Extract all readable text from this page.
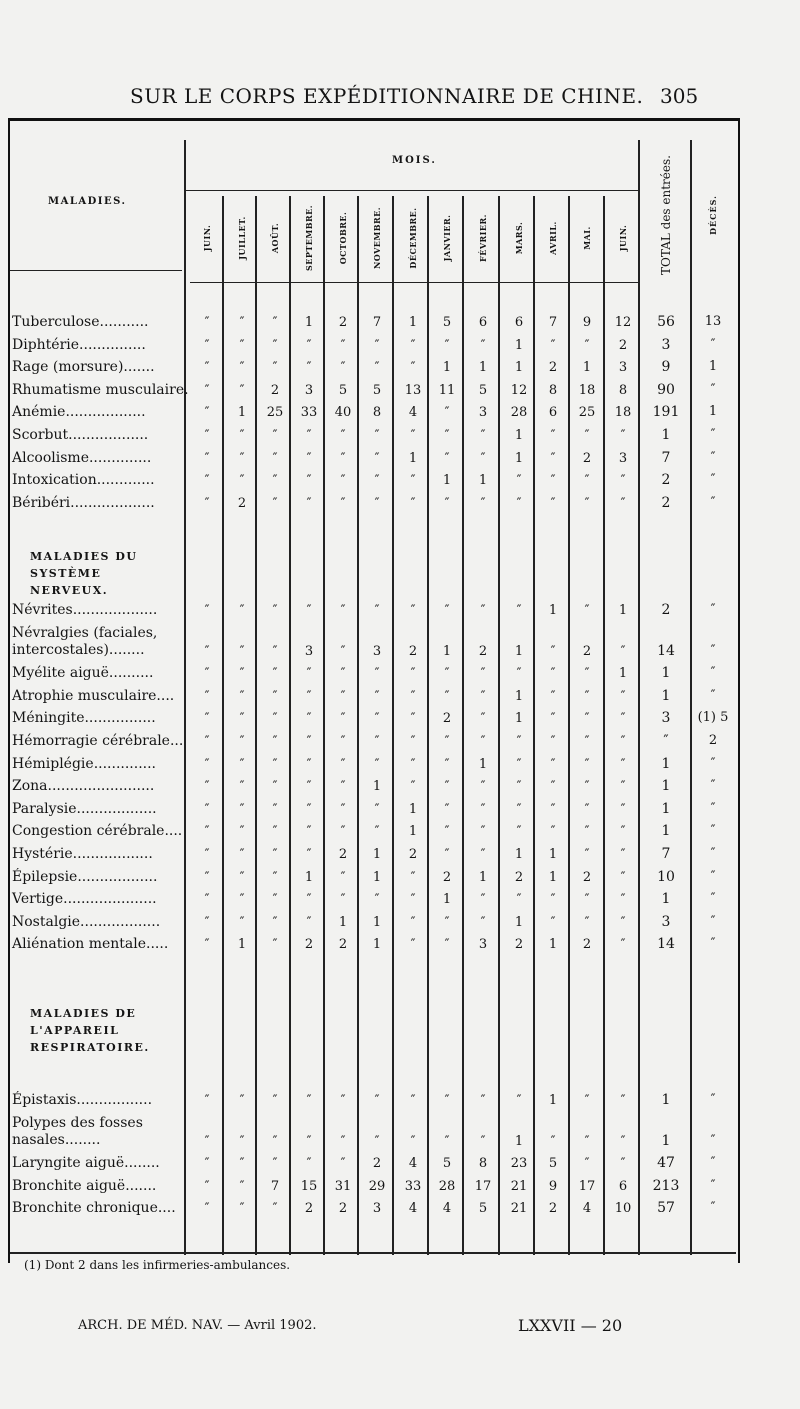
SUR LE CORPS EXPÉDITIONNAIRE DE CHINE. 305
MALADIES.
MOIS.
JUIN.	JUILLET.	AOÛT.	SEPTEMBRE.	OCTOBRE.	NOVEMBRE.	DÉCEMBRE.	JANVIER.	FÉVRIER.	MARS.	AVRIL.	MAI.	JUIN.	TOTAL des entrées.	DÉCÈS.
Tuberculose...........	″	″	″	1	2	7	1	5	6	6	7	9	12	56	13
Diphtérie...............	″	″	″	″	″	″	″	″	″	1	″	″	2	3	″
Rage (morsure).......	″	″	″	″	″	″	″	1	1	1	2	1	3	9	1
Rhumatisme musculaire.	″	″	2	3	5	5	13	11	5	12	8	18	8	90	″
Anémie..................	″	1	25	33	40	8	4	″	3	28	6	25	18	191	1
Scorbut..................	″	″	″	″	″	″	″	″	″	1	″	″	″	1	″
Alcoolisme..............	″	″	″	″	″	″	1	″	″	1	″	2	3	7	″
Intoxication.............	″	″	″	″	″	″	″	1	1	″	″	″	″	2	″
Béribéri...................	″	2	″	″	″	″	″	″	″	″	″	″	″	2	″
MALADIES DU SYSTÈME NERVEUX.
Névrites...................	″	″	″	″	″	″	″	″	″	″	1	″	1	2	″
Névralgies (faciales, intercostales)........	″	″	″	3	″	3	2	1	2	1	″	2	″	14	″
Myélite aiguë..........	″	″	″	″	″	″	″	″	″	″	″	″	1	1	″
Atrophie musculaire....	″	″	″	″	″	″	″	″	″	1	″	″	″	1	″
Méningite................	″	″	″	″	″	″	″	2	″	1	″	″	″	3	(1) 5
Hémorragie cérébrale...	″	″	″	″	″	″	″	″	″	″	″	″	″	″	2
Hémiplégie..............	″	″	″	″	″	″	″	″	1	″	″	″	″	1	″
Zona........................	″	″	″	″	″	1	″	″	″	″	″	″	″	1	″
Paralysie..................	″	″	″	″	″	″	1	″	″	″	″	″	″	1	″
Congestion cérébrale....	″	″	″	″	″	″	1	″	″	″	″	″	″	1	″
Hystérie..................	″	″	″	″	2	1	2	″	″	1	1	″	″	7	″
Épilepsie..................	″	″	″	1	″	1	″	2	1	2	1	2	″	10	″
Vertige.....................	″	″	″	″	″	″	″	1	″	″	″	″	″	1	″
Nostalgie..................	″	″	″	″	1	1	″	″	″	1	″	″	″	3	″
Aliénation mentale.....	″	1	″	2	2	1	″	″	3	2	1	2	″	14	″
MALADIES DE L'APPAREIL RESPIRATOIRE.
Épistaxis.................	″	″	″	″	″	″	″	″	″	″	1	″	″	1	″
Polypes des fosses nasales........	″	″	″	″	″	″	″	″	″	1	″	″	″	1	″
Laryngite aiguë........	″	″	″	″	″	2	4	5	8	23	5	″	″	47	″
Bronchite aiguë.......	″	″	7	15	31	29	33	28	17	21	9	17	6	213	″
Bronchite chronique....	″	″	″	2	2	3	4	4	5	21	2	4	10	57	″
(1) Dont 2 dans les infirmeries-ambulances.
ARCH. DE MÉD. NAV. — Avril 1902.	LXXVII — 20
